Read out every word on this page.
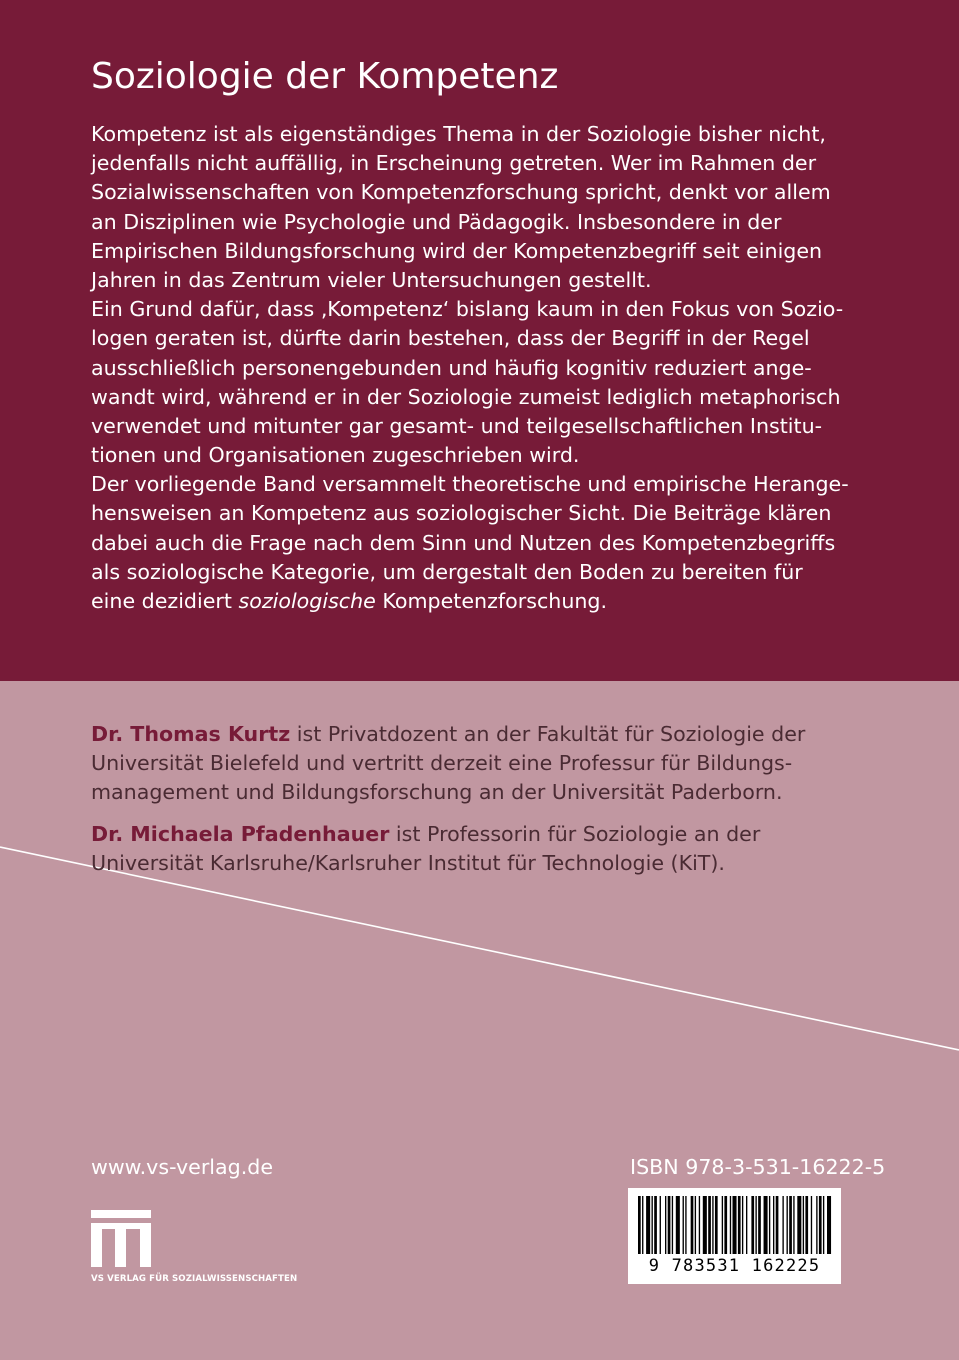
Soziologie der Kompetenz
Kompetenz ist als eigenständiges Thema in der Soziologie bisher nicht,
jedenfalls nicht auffällig, in Erscheinung getreten. Wer im Rahmen der
Sozialwissenschaften von Kompetenzforschung spricht, denkt vor allem
an Disziplinen wie Psychologie und Pädagogik. Insbesondere in der
Empirischen Bildungsforschung wird der Kompetenzbegriff seit einigen
Jahren in das Zentrum vieler Untersuchungen gestellt.
Ein Grund dafür, dass ‚Kompetenz‘ bislang kaum in den Fokus von Sozio-
logen geraten ist, dürfte darin bestehen, dass der Begriff in der Regel
ausschließlich personengebunden und häufig kognitiv reduziert ange-
wandt wird, während er in der Soziologie zumeist lediglich metaphorisch
verwendet und mitunter gar gesamt- und teilgesellschaftlichen Institu-
tionen und Organisationen zugeschrieben wird.
Der vorliegende Band versammelt theoretische und empirische Herange-
hensweisen an Kompetenz aus soziologischer Sicht. Die Beiträge klären
dabei auch die Frage nach dem Sinn und Nutzen des Kompetenzbegriffs
als soziologische Kategorie, um dergestalt den Boden zu bereiten für
eine dezidiert soziologische Kompetenzforschung.
Dr. Thomas Kurtz ist Privatdozent an der Fakultät für Soziologie der
Universität Bielefeld und vertritt derzeit eine Professur für Bildungs-
management und Bildungsforschung an der Universität Paderborn.
Dr. Michaela Pfadenhauer ist Professorin für Soziologie an der
Universität Karlsruhe/Karlsruher Institut für Technologie (KiT).
www.vs-verlag.de
VS VERLAG FÜR SOZIALWISSENSCHAFTEN
ISBN 978-3-531-16222-5
9 783531 162225
